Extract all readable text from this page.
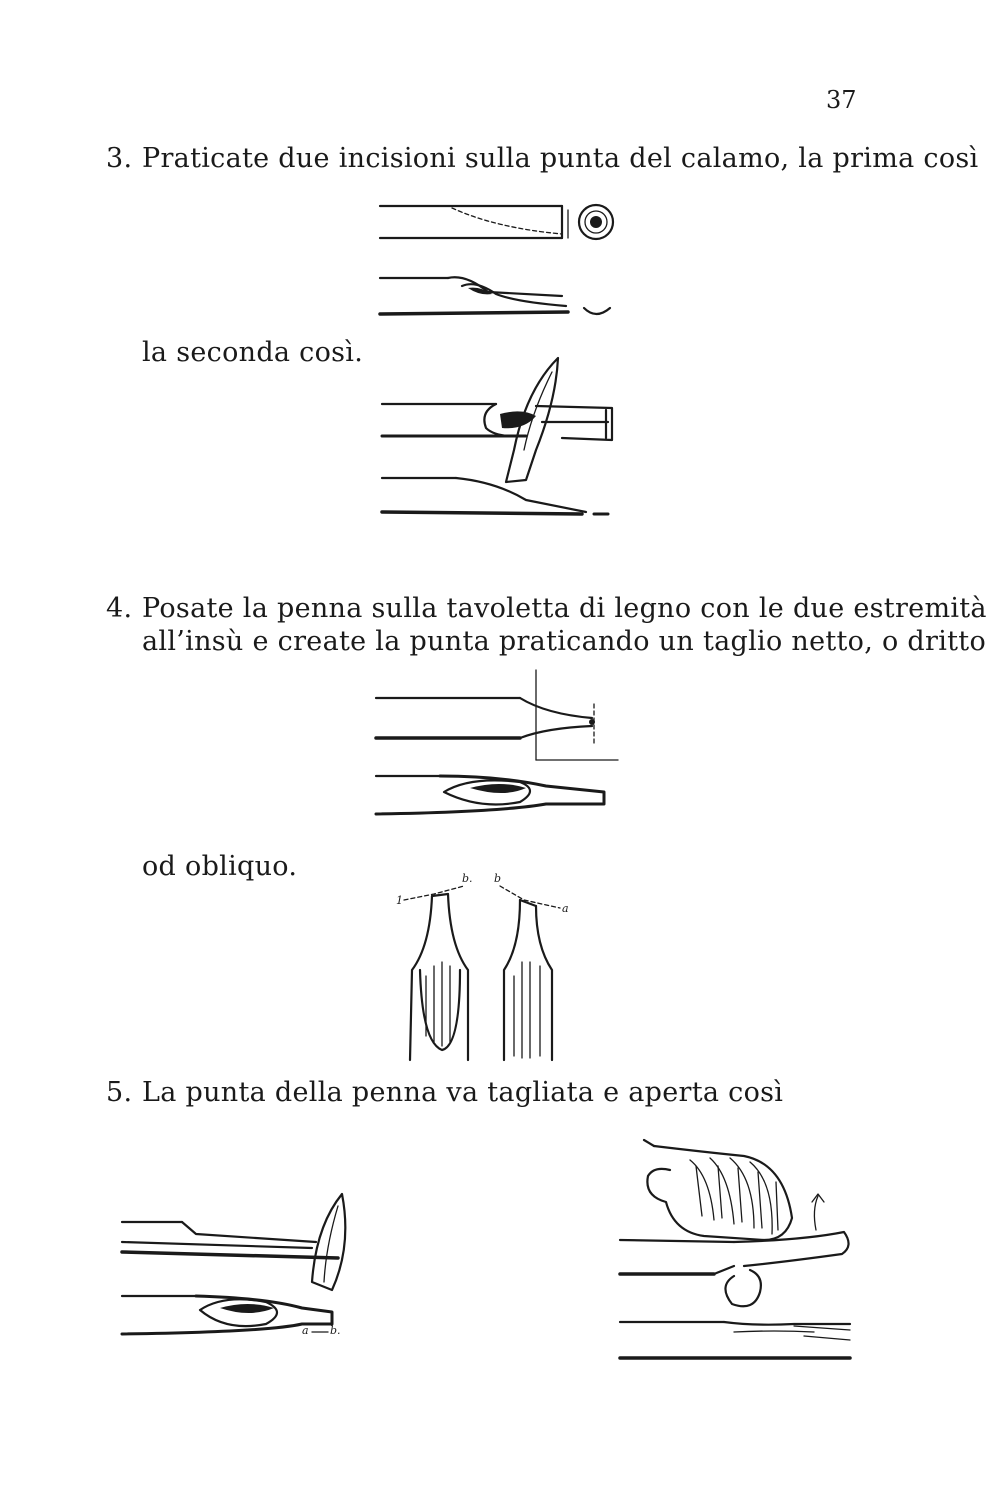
37
3. Praticate due incisioni sulla punta del calamo, la prima così
la seconda così.
4. Posate la penna sulla tavoletta di legno con le due estremità
all’insù e create la punta praticando un taglio netto, o dritto
od obliquo.
1
b. b
a
5. La punta della penna va tagliata e aperta così
a b.
